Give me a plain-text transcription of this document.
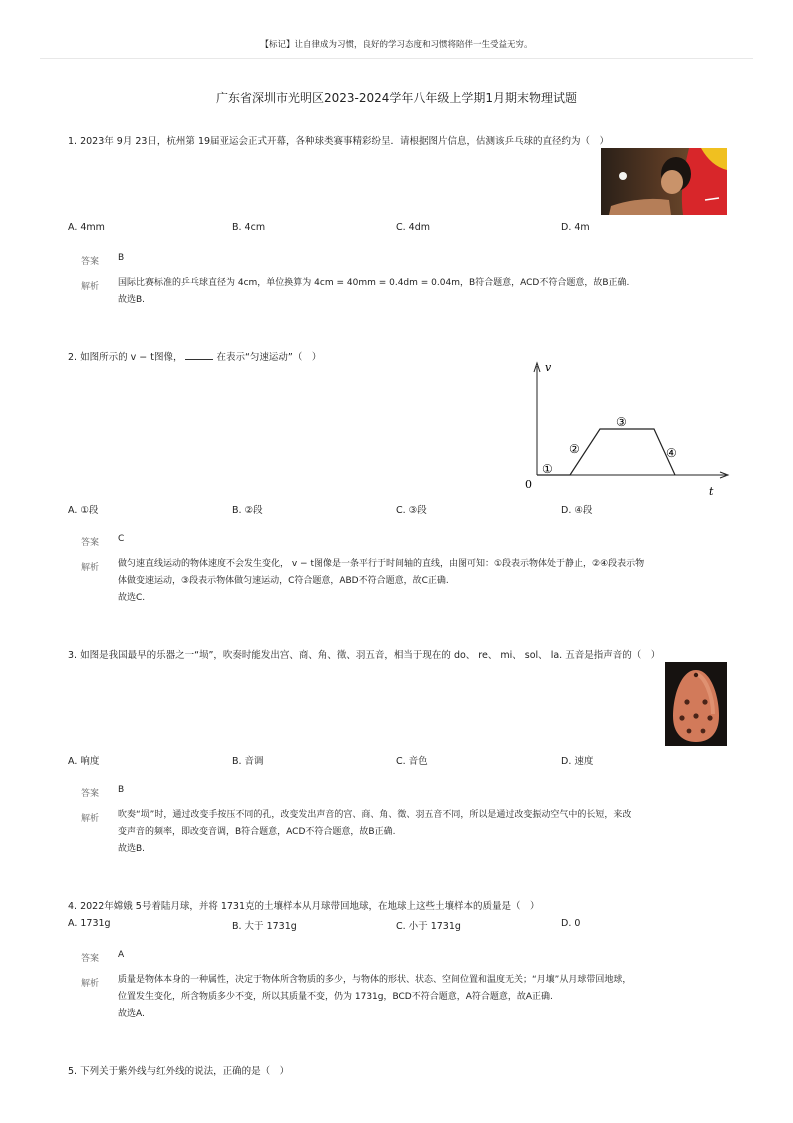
【标记】让自律成为习惯，良好的学习态度和习惯将陪伴一生受益无穷。
广东省深圳市光明区2023-2024学年八年级上学期1月期末物理试题
1. 2023年 9月 23日，杭州第 19届亚运会正式开幕，各种球类赛事精彩纷呈．请根据图片信息，估测该乒乓球的直径约为（　）
A. 4mm	B. 4cm	C. 4dm	D. 4m
答案 B
解析 国际比赛标准的乒乓球直径为 4cm，单位换算为 4cm = 40mm = 0.4dm = 0.04m，B符合题意，ACD不符合题意，故B正确.
故选B.
2. 如图所示的 v − t图像，	在表示“匀速运动”（　）
v
t
0
①
②
③
④
A. ①段	B. ②段	C. ③段	D. ④段
答案 C
解析 做匀速直线运动的物体速度不会发生变化， v − t图像是一条平行于时间轴的直线，由图可知：①段表示物体处于静止，②④段表示物
体做变速运动，③段表示物体做匀速运动，C符合题意，ABD不符合题意，故C正确.
故选C.
3. 如图是我国最早的乐器之一“埙”，吹奏时能发出宫、商、角、徵、羽五音，相当于现在的 do、 re、 mi、 sol、 la. 五音是指声音的（　）
A. 响度	B. 音调	C. 音色	D. 速度
答案 B
解析 吹奏“埙”时，通过改变手按压不同的孔，改变发出声音的宫、商、角、徵、羽五音不同，所以是通过改变振动空气中的长短，来改
变声音的频率，即改变音调，B符合题意，ACD不符合题意，故B正确.
故选B.
4. 2022年嫦娥 5号着陆月球，并将 1731克的土壤样本从月球带回地球，在地球上这些土壤样本的质量是（　）
A. 1731g	B. 大于 1731g	C. 小于 1731g	D. 0
答案 A
解析 质量是物体本身的一种属性，决定于物体所含物质的多少，与物体的形状、状态、空间位置和温度无关；“月壤”从月球带回地球，
位置发生变化，所含物质多少不变，所以其质量不变，仍为 1731g，BCD不符合题意，A符合题意，故A正确.
故选A.
5. 下列关于紫外线与红外线的说法，正确的是（　）
